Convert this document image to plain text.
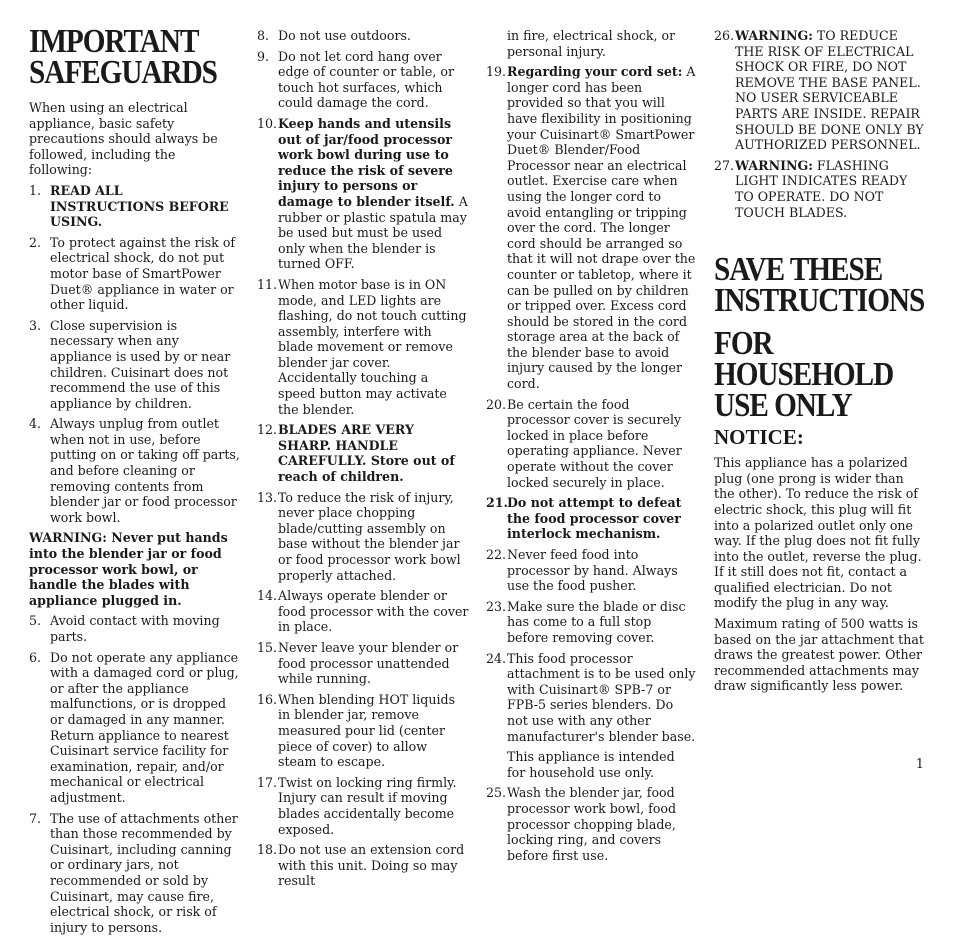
IMPORTANT
SAFEGUARDS

When using an electrical appliance, basic safety precautions should always be followed, including the following:

1. READ ALL INSTRUCTIONS BEFORE USING.
2. To protect against the risk of electrical shock, do not put motor base of SmartPower Duet® appliance in water or other liquid.
3. Close supervision is necessary when any appliance is used by or near children. Cuisinart does not recommend the use of this appliance by children.
4. Always unplug from outlet when not in use, before putting on or taking off parts, and before cleaning or removing contents from blender jar or food processor work bowl.

WARNING: Never put hands into the blender jar or food processor work bowl, or handle the blades with appliance plugged in.

5. Avoid contact with moving parts.
6. Do not operate any appliance with a damaged cord or plug, or after the appliance malfunctions, or is dropped or damaged in any manner. Return appliance to nearest Cuisinart service facility for examination, repair, and/or mechanical or electrical adjustment.
7. The use of attachments other than those recommended by Cuisinart, including canning or ordinary jars, not recommended or sold by Cuisinart, may cause fire, electrical shock, or risk of injury to persons.
8. Do not use outdoors.
9. Do not let cord hang over edge of counter or table, or touch hot surfaces, which could damage the cord.
10. Keep hands and utensils out of jar/food processor work bowl during use to reduce the risk of severe injury to persons or damage to blender itself. A rubber or plastic spatula may be used but must be used only when the blender is turned OFF.
11. When motor base is in ON mode, and LED lights are flashing, do not touch cutting assembly, interfere with blade movement or remove blender jar cover. Accidentally touching a speed button may activate the blender.
12. BLADES ARE VERY SHARP. HANDLE CAREFULLY. Store out of reach of children.
13. To reduce the risk of injury, never place chopping blade/cutting assembly on base without the blender jar or food processor work bowl properly attached.
14. Always operate blender or food processor with the cover in place.
15. Never leave your blender or food processor unattended while running.
16. When blending HOT liquids in blender jar, remove measured pour lid (center piece of cover) to allow steam to escape.
17. Twist on locking ring firmly. Injury can result if moving blades accidentally become exposed.
18. Do not use an extension cord with this unit. Doing so may result
in fire, electrical shock, or personal injury.
19. Regarding your cord set: A longer cord has been provided so that you will have flexibility in positioning your Cuisinart® SmartPower Duet® Blender/Food Processor near an electrical outlet. Exercise care when using the longer cord to avoid entangling or tripping over the cord. The longer cord should be arranged so that it will not drape over the counter or tabletop, where it can be pulled on by children or tripped over. Excess cord should be stored in the cord storage area at the back of the blender base to avoid injury caused by the longer cord.
20. Be certain the food processor cover is securely locked in place before operating appliance. Never operate without the cover locked securely in place.
21. Do not attempt to defeat the food processor cover interlock mechanism.
22. Never feed food into processor by hand. Always use the food pusher.
23. Make sure the blade or disc has come to a full stop before removing cover.
24. This food processor attachment is to be used only with Cuisinart® SPB-7 or FPB-5 series blenders. Do not use with any other manufacturer's blender base.
This appliance is intended for household use only.
25. Wash the blender jar, food processor work bowl, food processor chopping blade, locking ring, and covers before first use.
26. WARNING: TO REDUCE THE RISK OF ELECTRICAL SHOCK OR FIRE, DO NOT REMOVE THE BASE PANEL. NO USER SERVICEABLE PARTS ARE INSIDE. REPAIR SHOULD BE DONE ONLY BY AUTHORIZED PERSONNEL.
27. WARNING: FLASHING LIGHT INDICATES READY TO OPERATE. DO NOT TOUCH BLADES.
SAVE THESE
INSTRUCTIONS
FOR
HOUSEHOLD
USE ONLY
NOTICE:

This appliance has a polarized plug (one prong is wider than the other). To reduce the risk of electric shock, this plug will fit into a polarized outlet only one way. If the plug does not fit fully into the outlet, reverse the plug. If it still does not fit, contact a qualified electrician. Do not modify the plug in any way.

Maximum rating of 500 watts is based on the jar attachment that draws the greatest power. Other recommended attachments may draw significantly less power.

1
